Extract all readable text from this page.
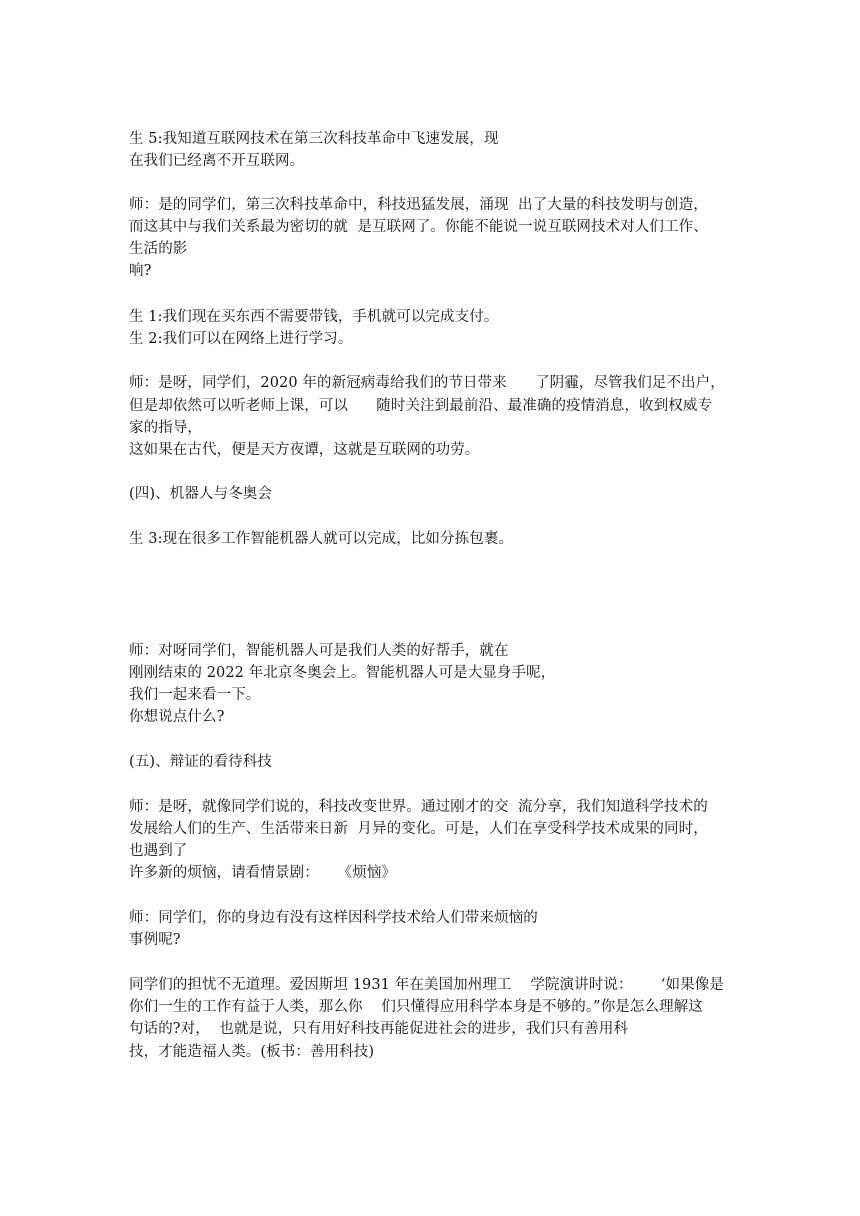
生 5:我知道互联网技术在第三次科技革命中飞速发展，现
在我们已经离不开互联网。
师：是的同学们，第三次科技革命中，科技迅猛发展，涌现  出了大量的科技发明与创造，
而这其中与我们关系最为密切的就  是互联网了。你能不能说一说互联网技术对人们工作、
生活的影
响?
生 1:我们现在买东西不需要带钱，手机就可以完成支付。
生 2:我们可以在网络上进行学习。
师：是呀，同学们，2020 年的新冠病毒给我们的节日带来      了阴霾，尽管我们足不出户，
但是却依然可以听老师上课，可以      随时关注到最前沿、最准确的疫情消息，收到权威专
家的指导，
这如果在古代，便是天方夜谭，这就是互联网的功劳。
(四)、机器人与冬奥会
生 3:现在很多工作智能机器人就可以完成，比如分拣包裹。
师：对呀同学们，智能机器人可是我们人类的好帮手，就在
刚刚结束的 2022 年北京冬奥会上。智能机器人可是大显身手呢，
我们一起来看一下。
你想说点什么?
(五)、辩证的看待科技
师：是呀，就像同学们说的，科技改变世界。通过刚才的交  流分享，我们知道科学技术的
发展给人们的生产、生活带来日新  月异的变化。可是，人们在享受科学技术成果的同时，
也遇到了
许多新的烦恼，请看情景剧：    《烦恼》
师：同学们，你的身边有没有这样因科学技术给人们带来烦恼的
事例呢?
同学们的担忧不无道理。爱因斯坦 1931 年在美国加州理工    学院演讲时说：      ‘如果像是
你们一生的工作有益于人类，那么你    们只懂得应用科学本身是不够的。”你是怎么理解这
句话的?对，  也就是说，只有用好科技再能促进社会的进步，我们只有善用科
技，才能造福人类。(板书：善用科技)
